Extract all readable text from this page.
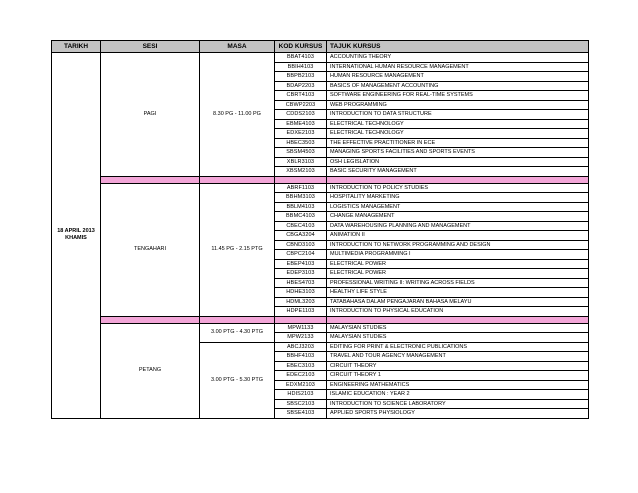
TARIKH	SESI	MASA	KOD KURSUS	TAJUK KURSUS
18 APRIL 2013 KHAMIS	PAGI	8.30 PG - 11.00 PG	BBAT4103	ACCOUNTING THEORY
			BBIH4103	INTERNATIONAL HUMAN RESOURCE MANAGEMENT
			BBPB2103	HUMAN RESOURCE MANAGEMENT
			BDAP2203	BASICS OF MANAGEMENT ACCOUNTING
			CBRT4103	SOFTWARE ENGINEERING FOR REAL-TIME SYSTEMS
			CBWP2203	WEB PROGRAMMING
			CDDS2103	INTRODUCTION TO DATA STRUCTURE
			EBME4103	ELECTRICAL TECHNOLOGY
			EDXE2103	ELECTRICAL TECHNOLOGY
			HBEC3503	THE EFFECTIVE PRACTITIONER IN ECE
			SBSM4503	MANAGING SPORTS FACILITIES AND SPORTS EVENTS
			XBLR3103	OSH LEGISLATION
			XBSM2103	BASIC SECURITY MANAGEMENT

	TENGAHARI	11.45 PG - 2.15 PTG	ABRF1103	INTRODUCTION TO POLICY STUDIES
			BBHM3103	HOSPITALITY MARKETING
			BBLM4103	LOGISTICS MANAGEMENT
			BBMC4103	CHANGE MANAGEMENT
			CBEC4103	DATA WAREHOUSING PLANNING AND MANAGEMENT
			CBGA3204	ANIMATION II
			CBND3103	INTRODUCTION TO NETWORK PROGRAMMING AND DESIGN
			CBPC2104	MULTIMEDIA PROGRAMMING I
			EBEP4103	ELECTRICAL POWER
			EDEP3103	ELECTRICAL POWER
			HBES4703	PROFESSIONAL WRITING II: WRITING ACROSS FIELDS
			HDHE3103	HEALTHY LIFE STYLE
			HDML3203	TATABAHASA DALAM PENGAJARAN BAHASA MELAYU
			HDPE1103	INTRODUCTION TO PHYSICAL EDUCATION

	PETANG	3.00 PTG - 4.30 PTG	MPW1133	MALAYSIAN STUDIES
			MPW2133	MALAYSIAN STUDIES
		3.00 PTG - 5.30 PTG	ABCJ3203	EDITING FOR PRINT & ELECTRONIC PUBLICATIONS
			BBHF4103	TRAVEL AND TOUR AGENCY MANAGEMENT
			EBEC3103	CIRCUIT THEORY
			EDEC2103	CIRCUIT THEORY 1
			EDXM2103	ENGINEERING MATHEMATICS
			HDIS2103	ISLAMIC EDUCATION : YEAR 2
			SBSC2103	INTRODUCTION TO SCIENCE LABORATORY
			SBSE4103	APPLIED SPORTS PHYSIOLOGY
